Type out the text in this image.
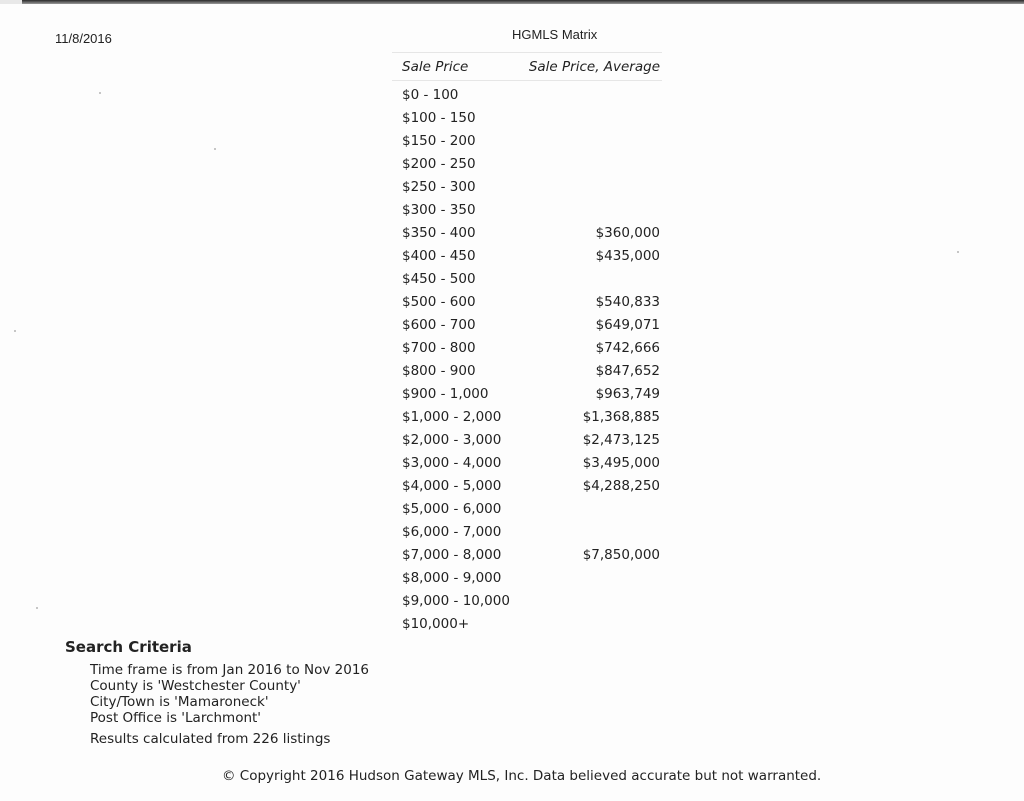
11/8/2016	HGMLS Matrix
Sale Price	Sale Price, Average
$0 - 100
$100 - 150
$150 - 200
$200 - 250
$250 - 300
$300 - 350
$350 - 400	$360,000
$400 - 450	$435,000
$450 - 500
$500 - 600	$540,833
$600 - 700	$649,071
$700 - 800	$742,666
$800 - 900	$847,652
$900 - 1,000	$963,749
$1,000 - 2,000	$1,368,885
$2,000 - 3,000	$2,473,125
$3,000 - 4,000	$3,495,000
$4,000 - 5,000	$4,288,250
$5,000 - 6,000
$6,000 - 7,000
$7,000 - 8,000	$7,850,000
$8,000 - 9,000
$9,000 - 10,000
$10,000+
Search Criteria
Time frame is from Jan 2016 to Nov 2016
County is 'Westchester County'
City/Town is 'Mamaroneck'
Post Office is 'Larchmont'
Results calculated from 226 listings
© Copyright 2016 Hudson Gateway MLS, Inc. Data believed accurate but not warranted.
